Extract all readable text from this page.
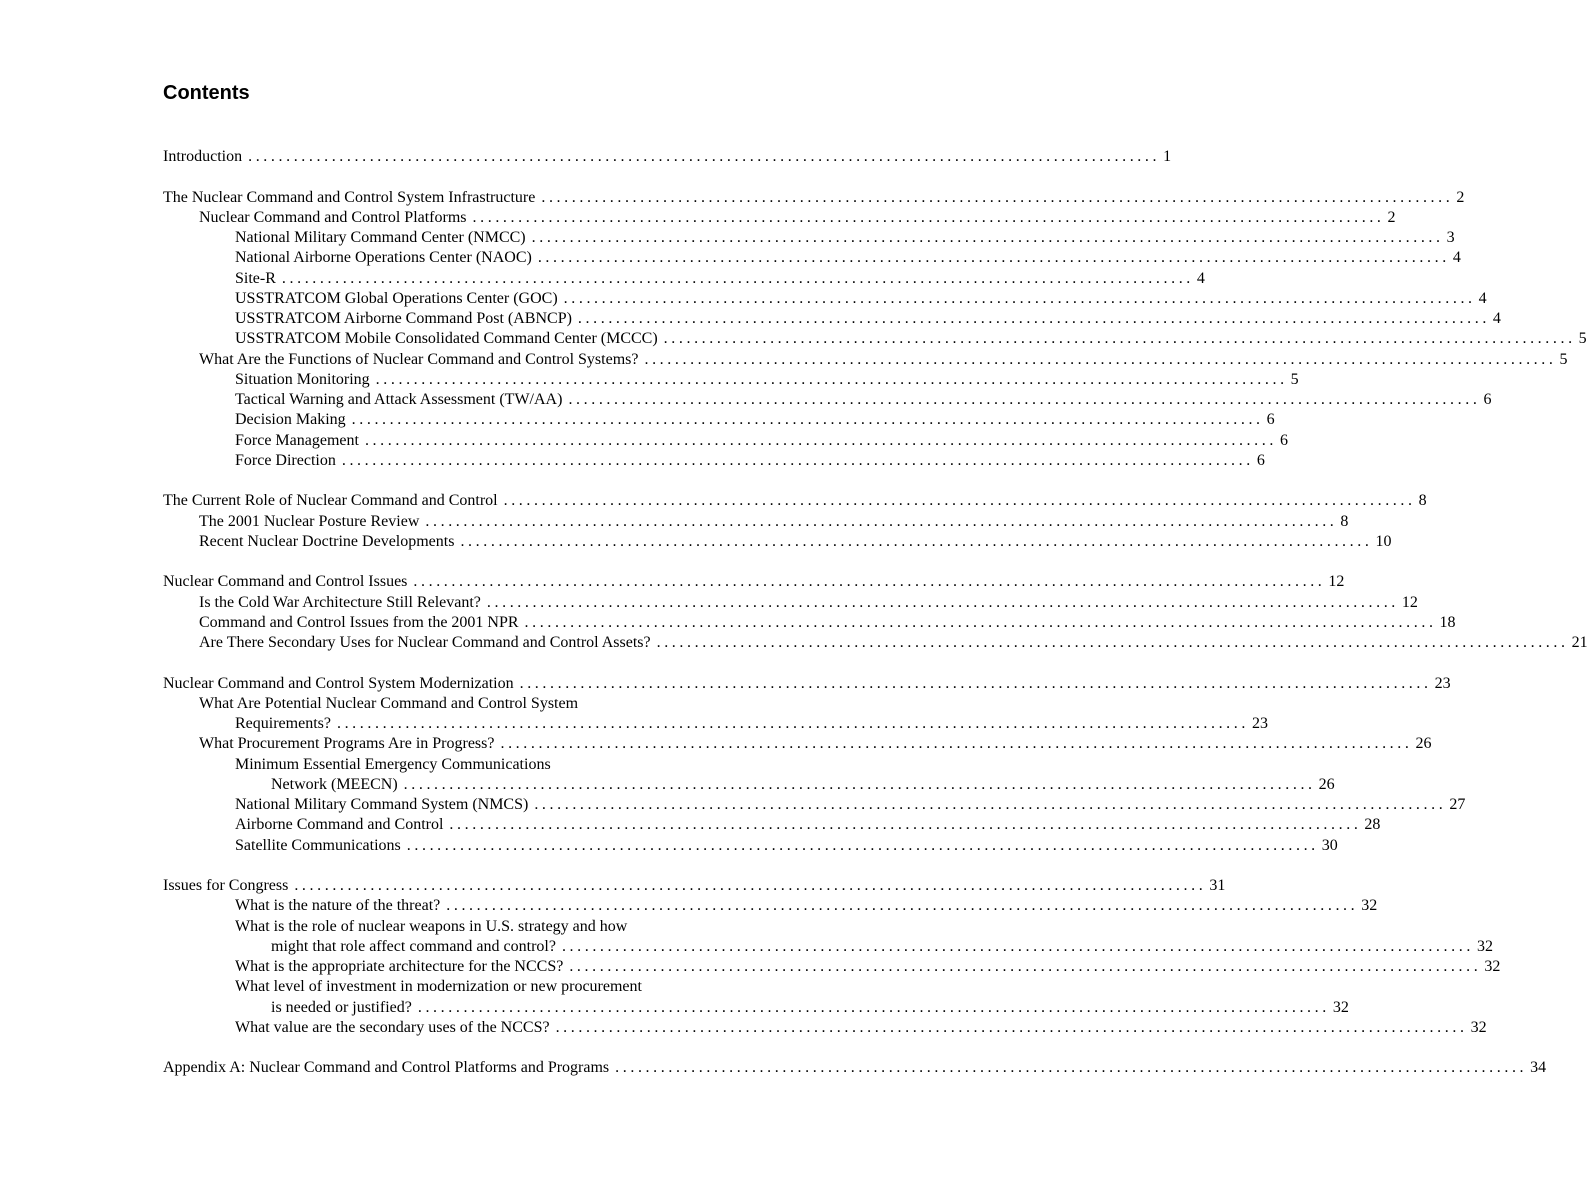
Contents
Introduction ........................................................................................................................ 1
The Nuclear Command and Control System Infrastructure ........................................................................................................................ 2
Nuclear Command and Control Platforms ........................................................................................................................ 2
National Military Command Center (NMCC) ........................................................................................................................ 3
National Airborne Operations Center (NAOC) ........................................................................................................................ 4
Site-R ........................................................................................................................ 4
USSTRATCOM Global Operations Center (GOC) ........................................................................................................................ 4
USSTRATCOM Airborne Command Post (ABNCP) ........................................................................................................................ 4
USSTRATCOM Mobile Consolidated Command Center (MCCC) ........................................................................................................................ 5
What Are the Functions of Nuclear Command and Control Systems? ........................................................................................................................ 5
Situation Monitoring ........................................................................................................................ 5
Tactical Warning and Attack Assessment (TW/AA) ........................................................................................................................ 6
Decision Making ........................................................................................................................ 6
Force Management ........................................................................................................................ 6
Force Direction ........................................................................................................................ 6
The Current Role of Nuclear Command and Control ........................................................................................................................ 8
The 2001 Nuclear Posture Review ........................................................................................................................ 8
Recent Nuclear Doctrine Developments ........................................................................................................................ 10
Nuclear Command and Control Issues ........................................................................................................................ 12
Is the Cold War Architecture Still Relevant? ........................................................................................................................ 12
Command and Control Issues from the 2001 NPR ........................................................................................................................ 18
Are There Secondary Uses for Nuclear Command and Control Assets? ........................................................................................................................ 21
Nuclear Command and Control System Modernization ........................................................................................................................ 23
What Are Potential Nuclear Command and Control System
Requirements? ........................................................................................................................ 23
What Procurement Programs Are in Progress? ........................................................................................................................ 26
Minimum Essential Emergency Communications
Network (MEECN) ........................................................................................................................ 26
National Military Command System (NMCS) ........................................................................................................................ 27
Airborne Command and Control ........................................................................................................................ 28
Satellite Communications ........................................................................................................................ 30
Issues for Congress ........................................................................................................................ 31
What is the nature of the threat? ........................................................................................................................ 32
What is the role of nuclear weapons in U.S. strategy and how
might that role affect command and control? ........................................................................................................................ 32
What is the appropriate architecture for the NCCS? ........................................................................................................................ 32
What level of investment in modernization or new procurement
is needed or justified? ........................................................................................................................ 32
What value are the secondary uses of the NCCS? ........................................................................................................................ 32
Appendix A: Nuclear Command and Control Platforms and Programs ........................................................................................................................ 34
